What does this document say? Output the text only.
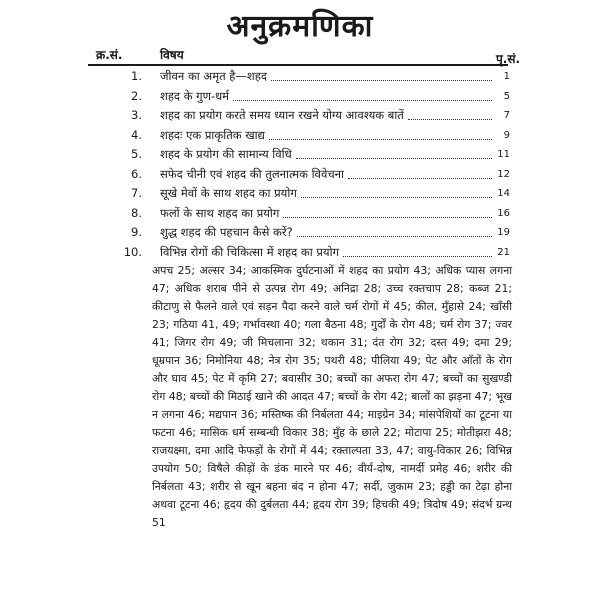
अनुक्रमणिका
क्र.सं.	विषय	पृ.सं.
1. जीवन का अमृत है—शहद	1
2. शहद के गुण-धर्म	5
3. शहद का प्रयोग करते समय ध्यान रखने योग्य आवश्यक बातें	7
4. शहदः एक प्राकृतिक खाद्य	9
5. शहद के प्रयोग की सामान्य विधि	11
6. सफेद चीनी एवं शहद की तुलनात्मक विवेचना	12
7. सूखे मेवों के साथ शहद का प्रयोग	14
8. फलों के साथ शहद का प्रयोग	16
9. शुद्ध शहद की पहचान कैसे करें?	19
10. विभिन्न रोगों की चिकित्सा में शहद का प्रयोग	21
अपच 25; अल्सर 34; आकस्मिक दुर्घटनाओं में शहद का प्रयोग 43; अधिक प्यास लगना 47; अधिक शराब पीने से उत्पन्न रोग 49; अनिद्रा 28; उच्च रक्तचाप 28; कब्ज 21; कीटाणु से फैलने वाले एवं सड़न पैदा करने वाले चर्म रोगों में 45; कील, मुँहासे 24; खाँसी 23; गठिया 41, 49; गर्भावस्था 40; गला बैठना 48; गुर्दों के रोग 48; चर्म रोग 37; ज्वर 41; जिगर रोग 49; जी मिचलाना 32; थकान 31; दंत रोग 32; दस्त 49; दमा 29; धूम्रपान 36; निमोनिया 48; नेत्र रोग 35; पथरी 48; पीलिया 49; पेट और आँतों के रोग और घाव 45; पेट में कृमि 27; बवासीर 30; बच्चों का अफरा रोग 47; बच्चों का सुखण्डी रोग 48; बच्चों की मिठाई खाने की आदत 47; बच्चों के रोग 42; बालों का झड़ना 47; भूख न लगना 46; मद्यपान 36; मस्तिष्क की निर्बलता 44; माइग्रेन 34; मांसपेशियों का टूटना या फटना 46; मासिक धर्म सम्बन्धी विकार 38; मुँह के छाले 22; मोटापा 25; मोतीझरा 48; राजयक्ष्मा, दमा आदि फेफड़ों के रोगों में 44; रक्ताल्पता 33, 47; वायु-विकार 26; विभिन्न उपयोग 50; विषैले कीड़ों के डंक मारने पर 46; वीर्य-दोष, नामर्दी प्रमेह 46; शरीर की निर्बलता 43; शरीर से खून बहना बंद न होना 47; सर्दी, जुकाम 23; हड्डी का टेढ़ा होना अथवा टूटना 46; हृदय की दुर्बलता 44; हृदय रोग 39; हिचकी 49; त्रिदोष 49; संदर्भ ग्रन्थ 51
